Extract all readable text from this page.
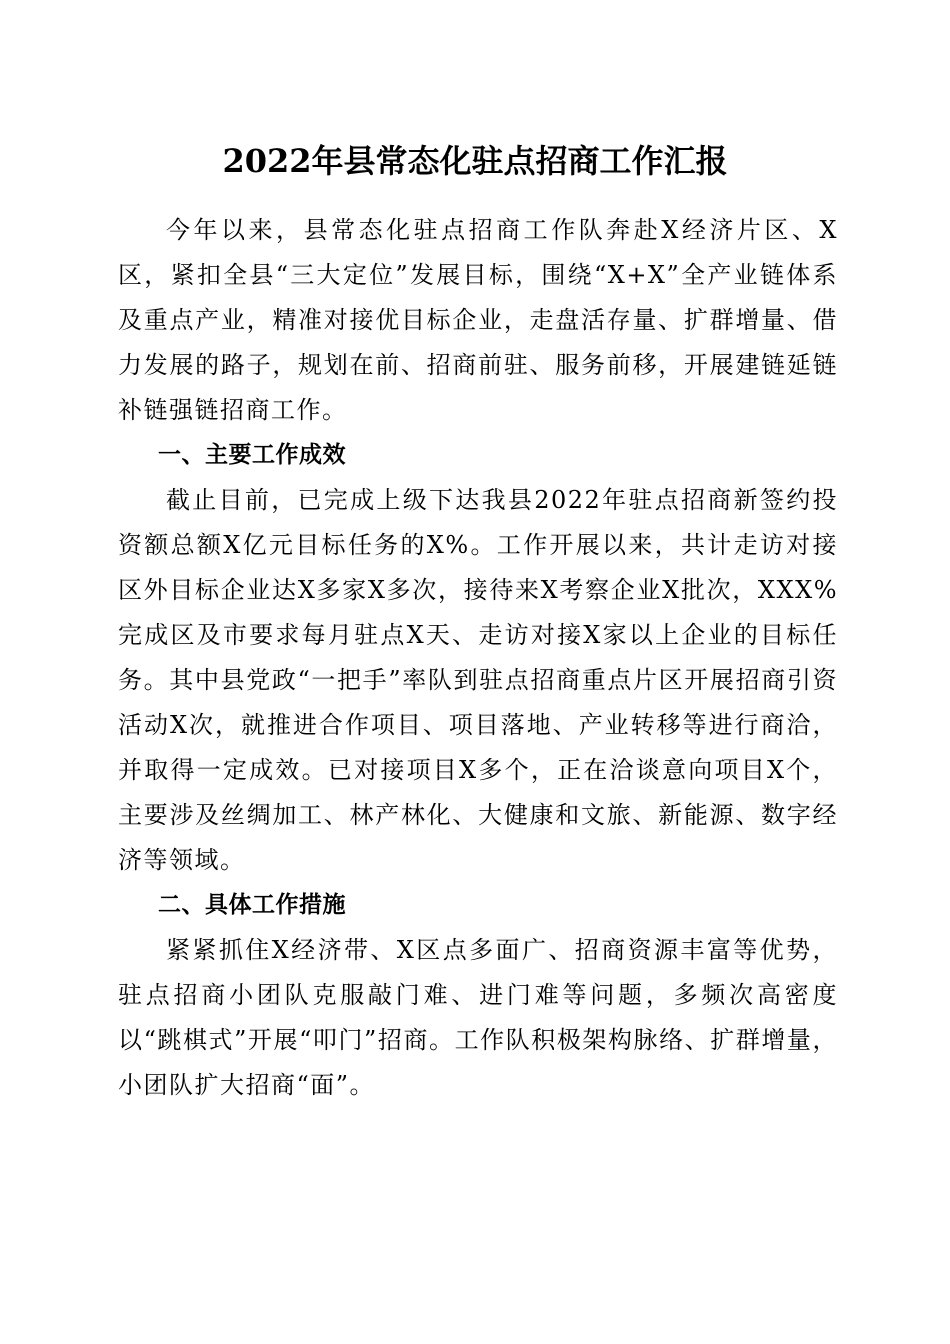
2022年县常态化驻点招商工作汇报

今年以来，县常态化驻点招商工作队奔赴X经济片区、X区，紧扣全县“三大定位”发展目标，围绕“X+X”全产业链体系及重点产业，精准对接优目标企业，走盘活存量、扩群增量、借力发展的路子，规划在前、招商前驻、服务前移，开展建链延链补链强链招商工作。

一、主要工作成效

截止目前，已完成上级下达我县2022年驻点招商新签约投资额总额X亿元目标任务的X%。工作开展以来，共计走访对接区外目标企业达X多家X多次，接待来X考察企业X批次，XXX%完成区及市要求每月驻点X天、走访对接X家以上企业的目标任务。其中县党政“一把手”率队到驻点招商重点片区开展招商引资活动X次，就推进合作项目、项目落地、产业转移等进行商洽，并取得一定成效。已对接项目X多个，正在洽谈意向项目X个，主要涉及丝绸加工、林产林化、大健康和文旅、新能源、数字经济等领域。

二、具体工作措施

紧紧抓住X经济带、X区点多面广、招商资源丰富等优势，驻点招商小团队克服敲门难、进门难等问题，多频次高密度以“跳棋式”开展“叩门”招商。工作队积极架构脉络、扩群增量，小团队扩大招商“面”。
